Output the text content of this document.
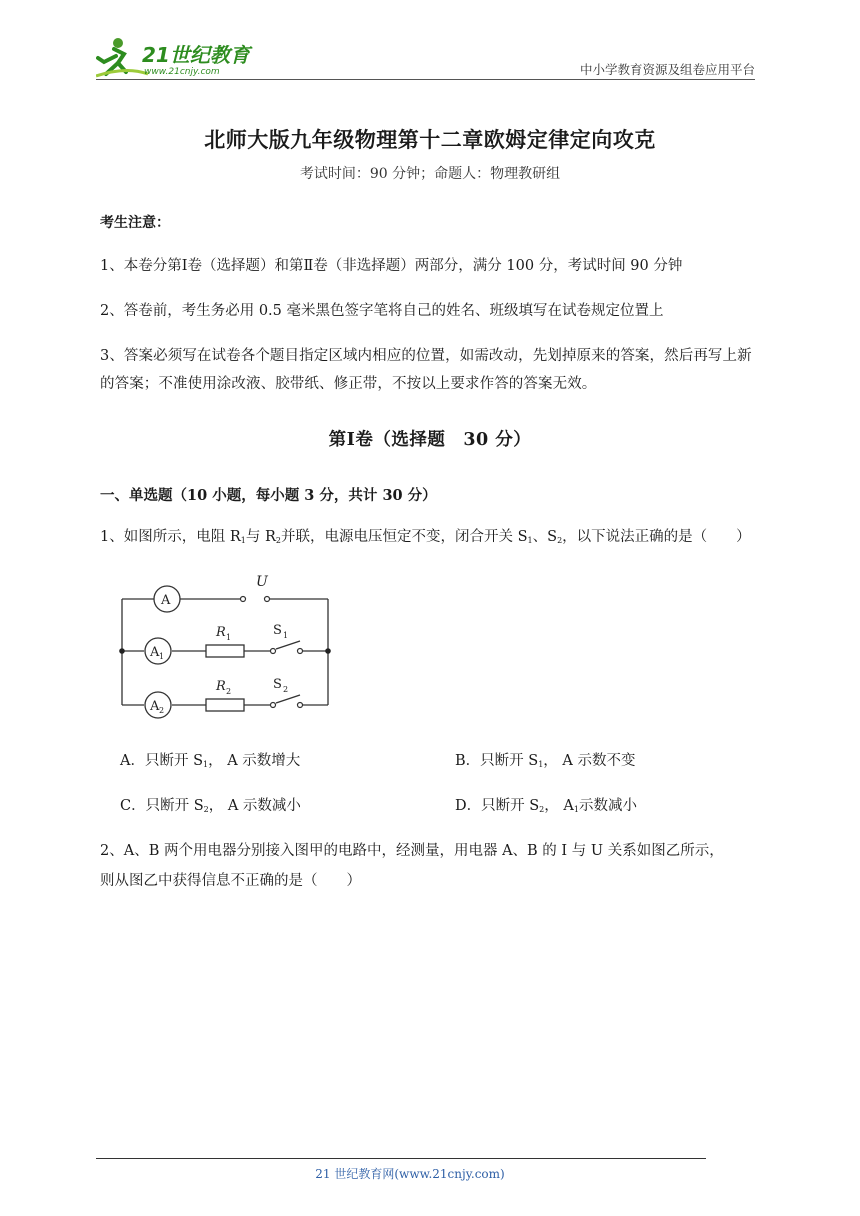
21世纪教育
www.21cnjy.com	中小学教育资源及组卷应用平台
北师大版九年级物理第十二章欧姆定律定向攻克
考试时间：90 分钟；命题人：物理教研组
考生注意：
1、本卷分第Ⅰ卷（选择题）和第Ⅱ卷（非选择题）两部分，满分 100 分，考试时间 90 分钟
2、答卷前，考生务必用 0.5 毫米黑色签字笔将自己的姓名、班级填写在试卷规定位置上
3、答案必须写在试卷各个题目指定区域内相应的位置，如需改动，先划掉原来的答案，然后再写上新的答案；不准使用涂改液、胶带纸、修正带，不按以上要求作答的答案无效。
第Ⅰ卷（选择题　30 分）
一、单选题（10 小题，每小题 3 分，共计 30 分）
1、如图所示，电阻 $R_1$与 $R_2$并联，电源电压恒定不变，闭合开关 $S_1$、$S_2$，以下说法正确的是（　　）
U
A
A 1
A 2
R 1
R 2
S 1
S 2
A．只断开 $S_1$， A 示数增大	B．只断开 $S_1$， A 示数不变
C．只断开 $S_2$， A 示数减小	D．只断开 $S_2$， $A_1$示数减小
2、A、B 两个用电器分别接入图甲的电路中，经测量，用电器 A、B 的 I 与 U 关系如图乙所示，
则从图乙中获得信息不正确的是（　　）
21 世纪教育网(www.21cnjy.com)
